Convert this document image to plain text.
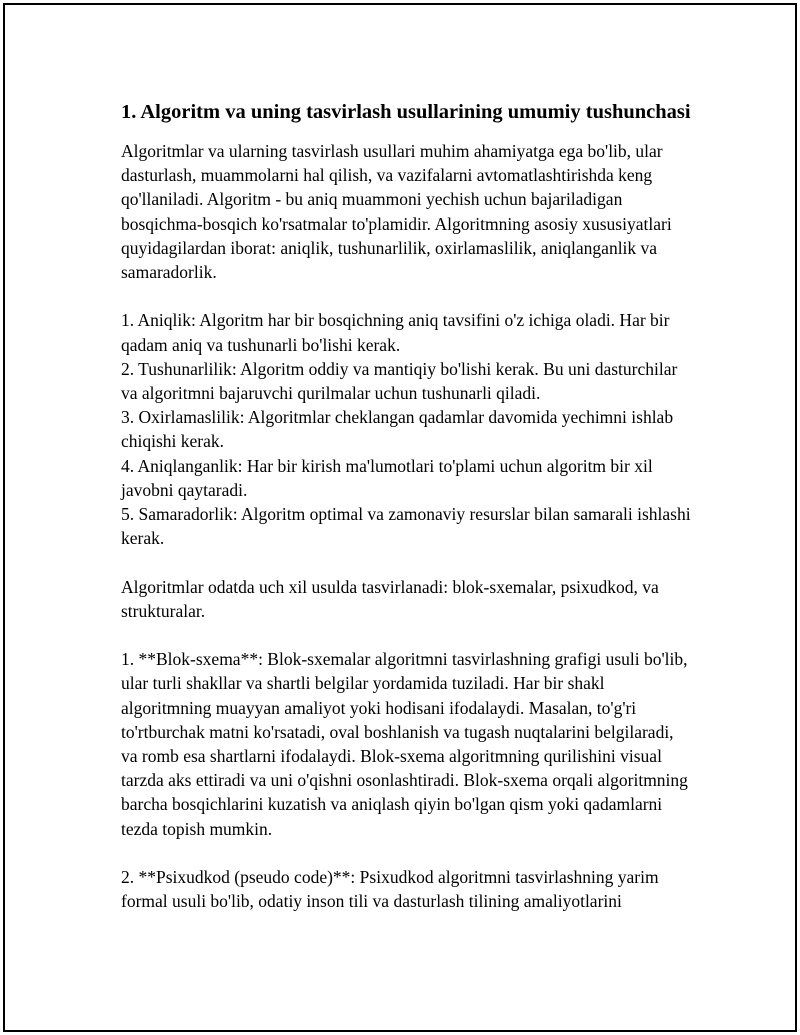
1. Algoritm va uning tasvirlash usullarining umumiy tushunchasi

Algoritmlar va ularning tasvirlash usullari muhim ahamiyatga ega bo'lib, ular dasturlash, muammolarni hal qilish, va vazifalarni avtomatlashtirishda keng qo'llaniladi. Algoritm - bu aniq muammoni yechish uchun bajariladigan bosqichma-bosqich ko'rsatmalar to'plamidir. Algoritmning asosiy xususiyatlari quyidagilardan iborat: aniqlik, tushunarlilik, oxirlamaslilik, aniqlanganlik va samaradorlik.

1. Aniqlik: Algoritm har bir bosqichning aniq tavsifini o'z ichiga oladi. Har bir qadam aniq va tushunarli bo'lishi kerak.

2. Tushunarlilik: Algoritm oddiy va mantiqiy bo'lishi kerak. Bu uni dasturchilar va algoritmni bajaruvchi qurilmalar uchun tushunarli qiladi.

3. Oxirlamaslilik: Algoritmlar cheklangan qadamlar davomida yechimni ishlab chiqishi kerak.

4. Aniqlanganlik: Har bir kirish ma'lumotlari to'plami uchun algoritm bir xil javobni qaytaradi.

5. Samaradorlik: Algoritm optimal va zamonaviy resurslar bilan samarali ishlashi kerak.

Algoritmlar odatda uch xil usulda tasvirlanadi: blok-sxemalar, psixudkod, va strukturalar.

1. **Blok-sxema**: Blok-sxemalar algoritmni tasvirlashning grafigi usuli bo'lib, ular turli shakllar va shartli belgilar yordamida tuziladi. Har bir shakl algoritmning muayyan amaliyot yoki hodisani ifodalaydi. Masalan, to'g'ri to'rtburchak matni ko'rsatadi, oval boshlanish va tugash nuqtalarini belgilaradi, va romb esa shartlarni ifodalaydi. Blok-sxema algoritmning qurilishini visual tarzda aks ettiradi va uni o'qishni osonlashtiradi. Blok-sxema orqali algoritmning barcha bosqichlarini kuzatish va aniqlash qiyin bo'lgan qism yoki qadamlarni tezda topish mumkin.

2. **Psixudkod (pseudo code)**: Psixudkod algoritmni tasvirlashning yarim formal usuli bo'lib, odatiy inson tili va dasturlash tilining amaliyotlarini
